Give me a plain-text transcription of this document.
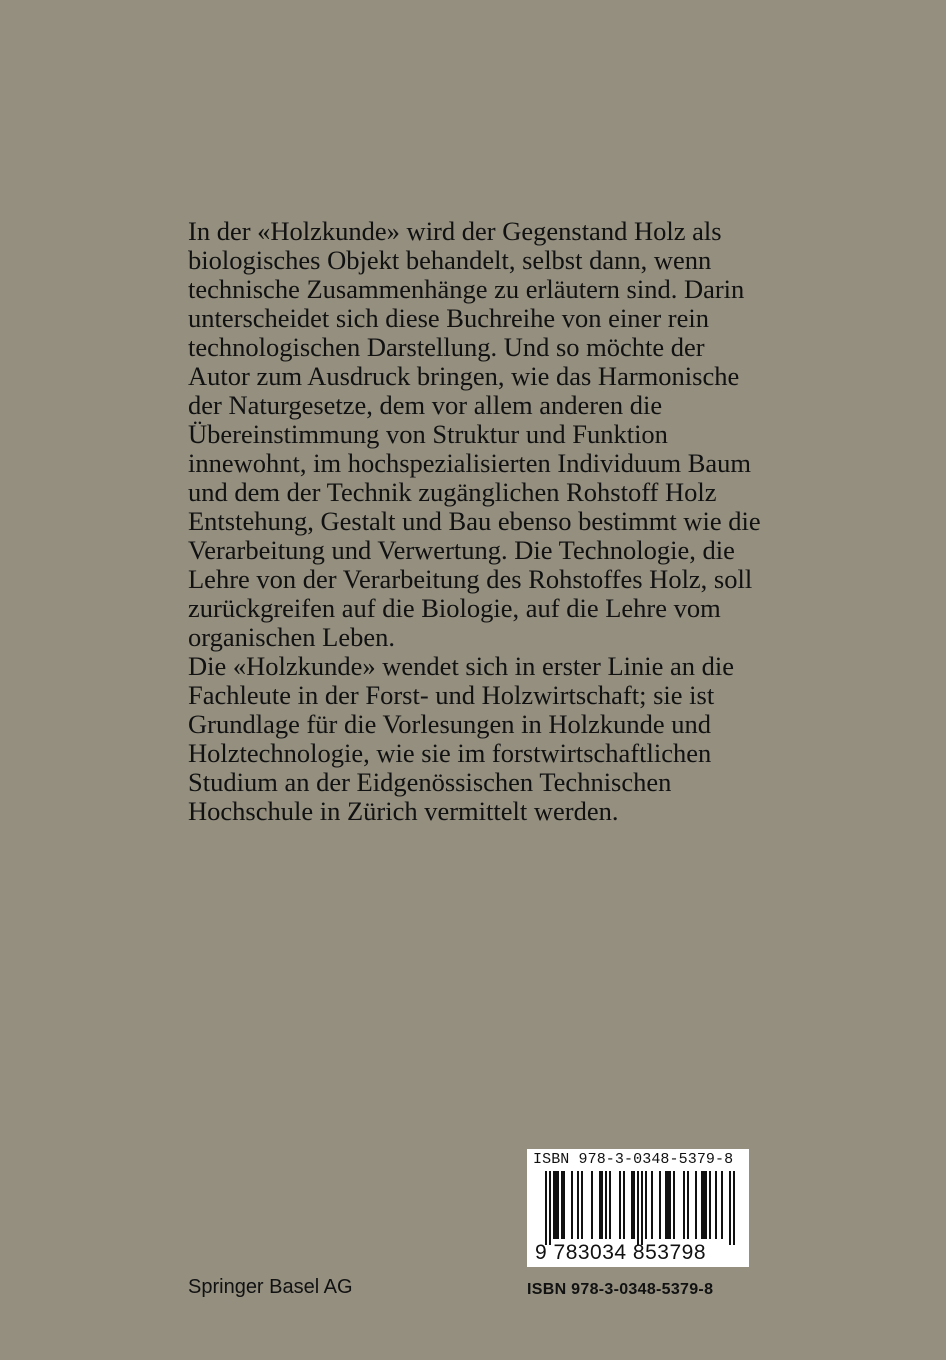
In der «Holzkunde» wird der Gegenstand Holz als
biologisches Objekt behandelt, selbst dann, wenn
technische Zusammenhänge zu erläutern sind. Darin
unterscheidet sich diese Buchreihe von einer rein
technologischen Darstellung. Und so möchte der
Autor zum Ausdruck bringen, wie das Harmonische
der Naturgesetze, dem vor allem anderen die
Übereinstimmung von Struktur und Funktion
innewohnt, im hochspezialisierten Individuum Baum
und dem der Technik zugänglichen Rohstoff Holz
Entstehung, Gestalt und Bau ebenso bestimmt wie die
Verarbeitung und Verwertung. Die Technologie, die
Lehre von der Verarbeitung des Rohstoffes Holz, soll
zurückgreifen auf die Biologie, auf die Lehre vom
organischen Leben.

Die «Holzkunde» wendet sich in erster Linie an die
Fachleute in der Forst- und Holzwirtschaft; sie ist
Grundlage für die Vorlesungen in Holzkunde und
Holztechnologie, wie sie im forstwirtschaftlichen
Studium an der Eidgenössischen Technischen
Hochschule in Zürich vermittelt werden.

ISBN 978-3-0348-5379-8
9 783034 853798
Springer Basel AG	ISBN 978-3-0348-5379-8
